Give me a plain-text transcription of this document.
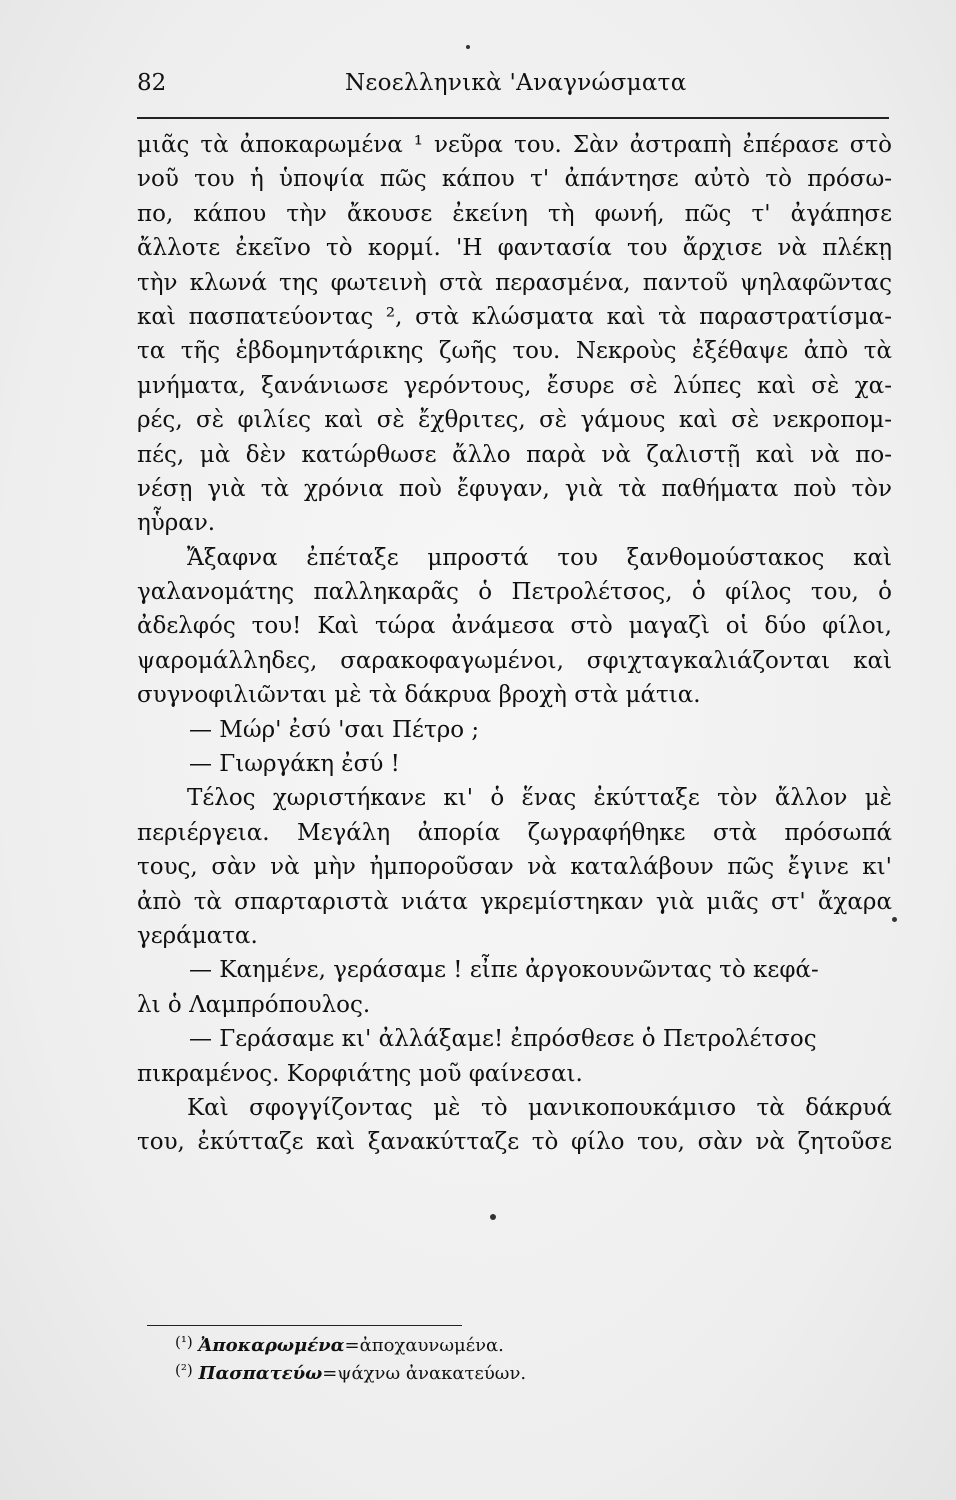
82	Νεοελληνικὰ 'Αναγνώσματα
μιᾶς τὰ ἀποκαρωμένα ¹ νεῦρα του. Σὰν ἀστραπὴ ἐπέρασε στὸ
νοῦ του ἡ ὑποψία πῶς κάπου τ' ἀπάντησε αὐτὸ τὸ πρόσω-
πο, κάπου τὴν ἄκουσε ἐκείνη τὴ φωνή, πῶς τ' ἀγάπησε
ἄλλοτε ἐκεῖνο τὸ κορμί. 'Η φαντασία του ἄρχισε νὰ πλέκῃ
τὴν κλωνά της φωτεινὴ στὰ περασμένα, παντοῦ ψηλαφῶντας
καὶ πασπατεύοντας ², στὰ κλώσματα καὶ τὰ παραστρατίσμα-
τα τῆς ἑβδομηντάρικης ζωῆς του. Νεκροὺς ἐξέθαψε ἀπὸ τὰ
μνήματα, ξανάνιωσε γερόντους, ἔσυρε σὲ λύπες καὶ σὲ χα-
ρές, σὲ φιλίες καὶ σὲ ἔχθριτες, σὲ γάμους καὶ σὲ νεκροπομ-
πές, μὰ δὲν κατώρθωσε ἄλλο παρὰ νὰ ζαλιστῇ καὶ νὰ πο-
νέσῃ γιὰ τὰ χρόνια ποὺ ἔφυγαν, γιὰ τὰ παθήματα ποὺ τὸν
ηὗραν.
Ἄξαφνα ἐπέταξε μπροστά του ξανθομούστακος καὶ
γαλανομάτης παλληκαρᾶς ὁ Πετρολέτσος, ὁ φίλος του, ὁ
ἀδελφός του! Καὶ τώρα ἀνάμεσα στὸ μαγαζὶ οἱ δύο φίλοι,
ψαρομάλληδες, σαρακοφαγωμένοι, σφιχταγκαλιάζονται καὶ
συγνοφιλιῶνται μὲ τὰ δάκρυα βροχὴ στὰ μάτια.
— Μώρ' ἐσύ 'σαι Πέτρο ;
— Γιωργάκη ἐσύ !
Τέλος χωριστήκανε κι' ὁ ἕνας ἐκύτταξε τὸν ἄλλον μὲ
περιέργεια. Μεγάλη ἀπορία ζωγραφήθηκε στὰ πρόσωπά
τους, σὰν νὰ μὴν ἠμποροῦσαν νὰ καταλάβουν πῶς ἔγινε κι'
ἀπὸ τὰ σπαρταριστὰ νιάτα γκρεμίστηκαν γιὰ μιᾶς στ' ἄχαρα
γεράματα.
— Καημένε, γεράσαμε ! εἶπε ἀργοκουνῶντας τὸ κεφά-
λι ὁ Λαμπρόπουλος.
— Γεράσαμε κι' ἀλλάξαμε! ἐπρόσθεσε ὁ Πετρολέτσος
πικραμένος. Κορφιάτης μοῦ φαίνεσαι.
Καὶ σφογγίζοντας μὲ τὸ μανικοπουκάμισο τὰ δάκρυά
του, ἐκύτταζε καὶ ξανακύτταζε τὸ φίλο του, σὰν νὰ ζητοῦσε
$^{(^1)}$ Ἀποκαρωμένα=ἀποχαυνωμένα.
$^{(^2)}$ Πασπατεύω=ψάχνω ἀνακατεύων.
